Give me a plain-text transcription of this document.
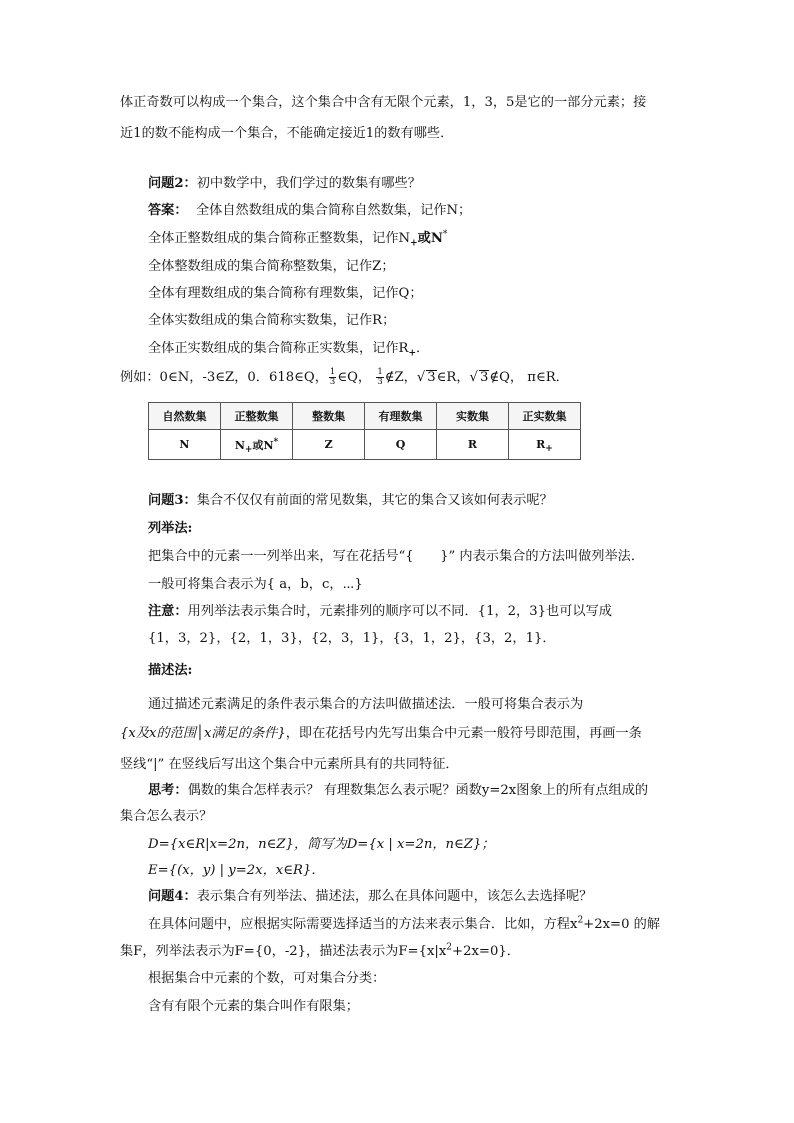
体正奇数可以构成一个集合，这个集合中含有无限个元素，1，3，5是它的一部分元素；接
近1的数不能构成一个集合，不能确定接近1的数有哪些．
问题2：初中数学中，我们学过的数集有哪些？
答案： 全体自然数组成的集合简称自然数集，记作N；
全体正整数组成的集合简称正整数集，记作$N_+$或N*
全体整数组成的集合简称整数集，记作Z；
全体有理数组成的集合简称有理数集，记作Q；
全体实数组成的集合简称实数集，记作R；
全体正实数组成的集合简称正实数集，记作$R_+$．
例如：0∈N，-3∈Z，0．618∈Q， $\frac{1}{3}$ ∈Q， $\frac{1}{3}$ ∉Z，√ 3∈R，√ 3∉Q， π∈R．
自然数集	正整数集	整数集	有理数集	实数集	正实数集
N	$N_+$或N*	Z	Q	R	$R_+$
问题3：集合不仅仅有前面的常见数集，其它的集合又该如何表示呢？
列举法:
把集合中的元素一一列举出来，写在花括号“{　　}” 内表示集合的方法叫做列举法．
一般可将集合表示为{ a，b，c，⋯}
注意：用列举法表示集合时，元素排列的顺序可以不同．{1，2，3}也可以写成
{1，3，2}，{2，1，3}，{2，3，1}，{3，1，2}，{3，2，1}．
描述法:
通过描述元素满足的条件表示集合的方法叫做描述法．一般可将集合表示为
{x及x的范围│x满足的条件}，即在花括号内先写出集合中元素一般符号即范围，再画一条
竖线“|” 在竖线后写出这个集合中元素所具有的共同特征．
思考：偶数的集合怎样表示？ 有理数集怎么表示呢？函数y=2x图象上的所有点组成的
集合怎么表示？
D={x∈R|x=2n，n∈Z}，简写为D={x | x=2n，n∈Z}；
E={(x，y) | y=2x，x∈R}．
问题4：表示集合有列举法、描述法，那么在具体问题中，该怎么去选择呢？
在具体问题中，应根据实际需要选择适当的方法来表示集合．比如，方程$x^2+2x=0$ 的解
集F，列举法表示为F={0，-2}，描述法表示为$F=\{x|x^2+2x=0\}$．
根据集合中元素的个数，可对集合分类：
含有有限个元素的集合叫作有限集；
